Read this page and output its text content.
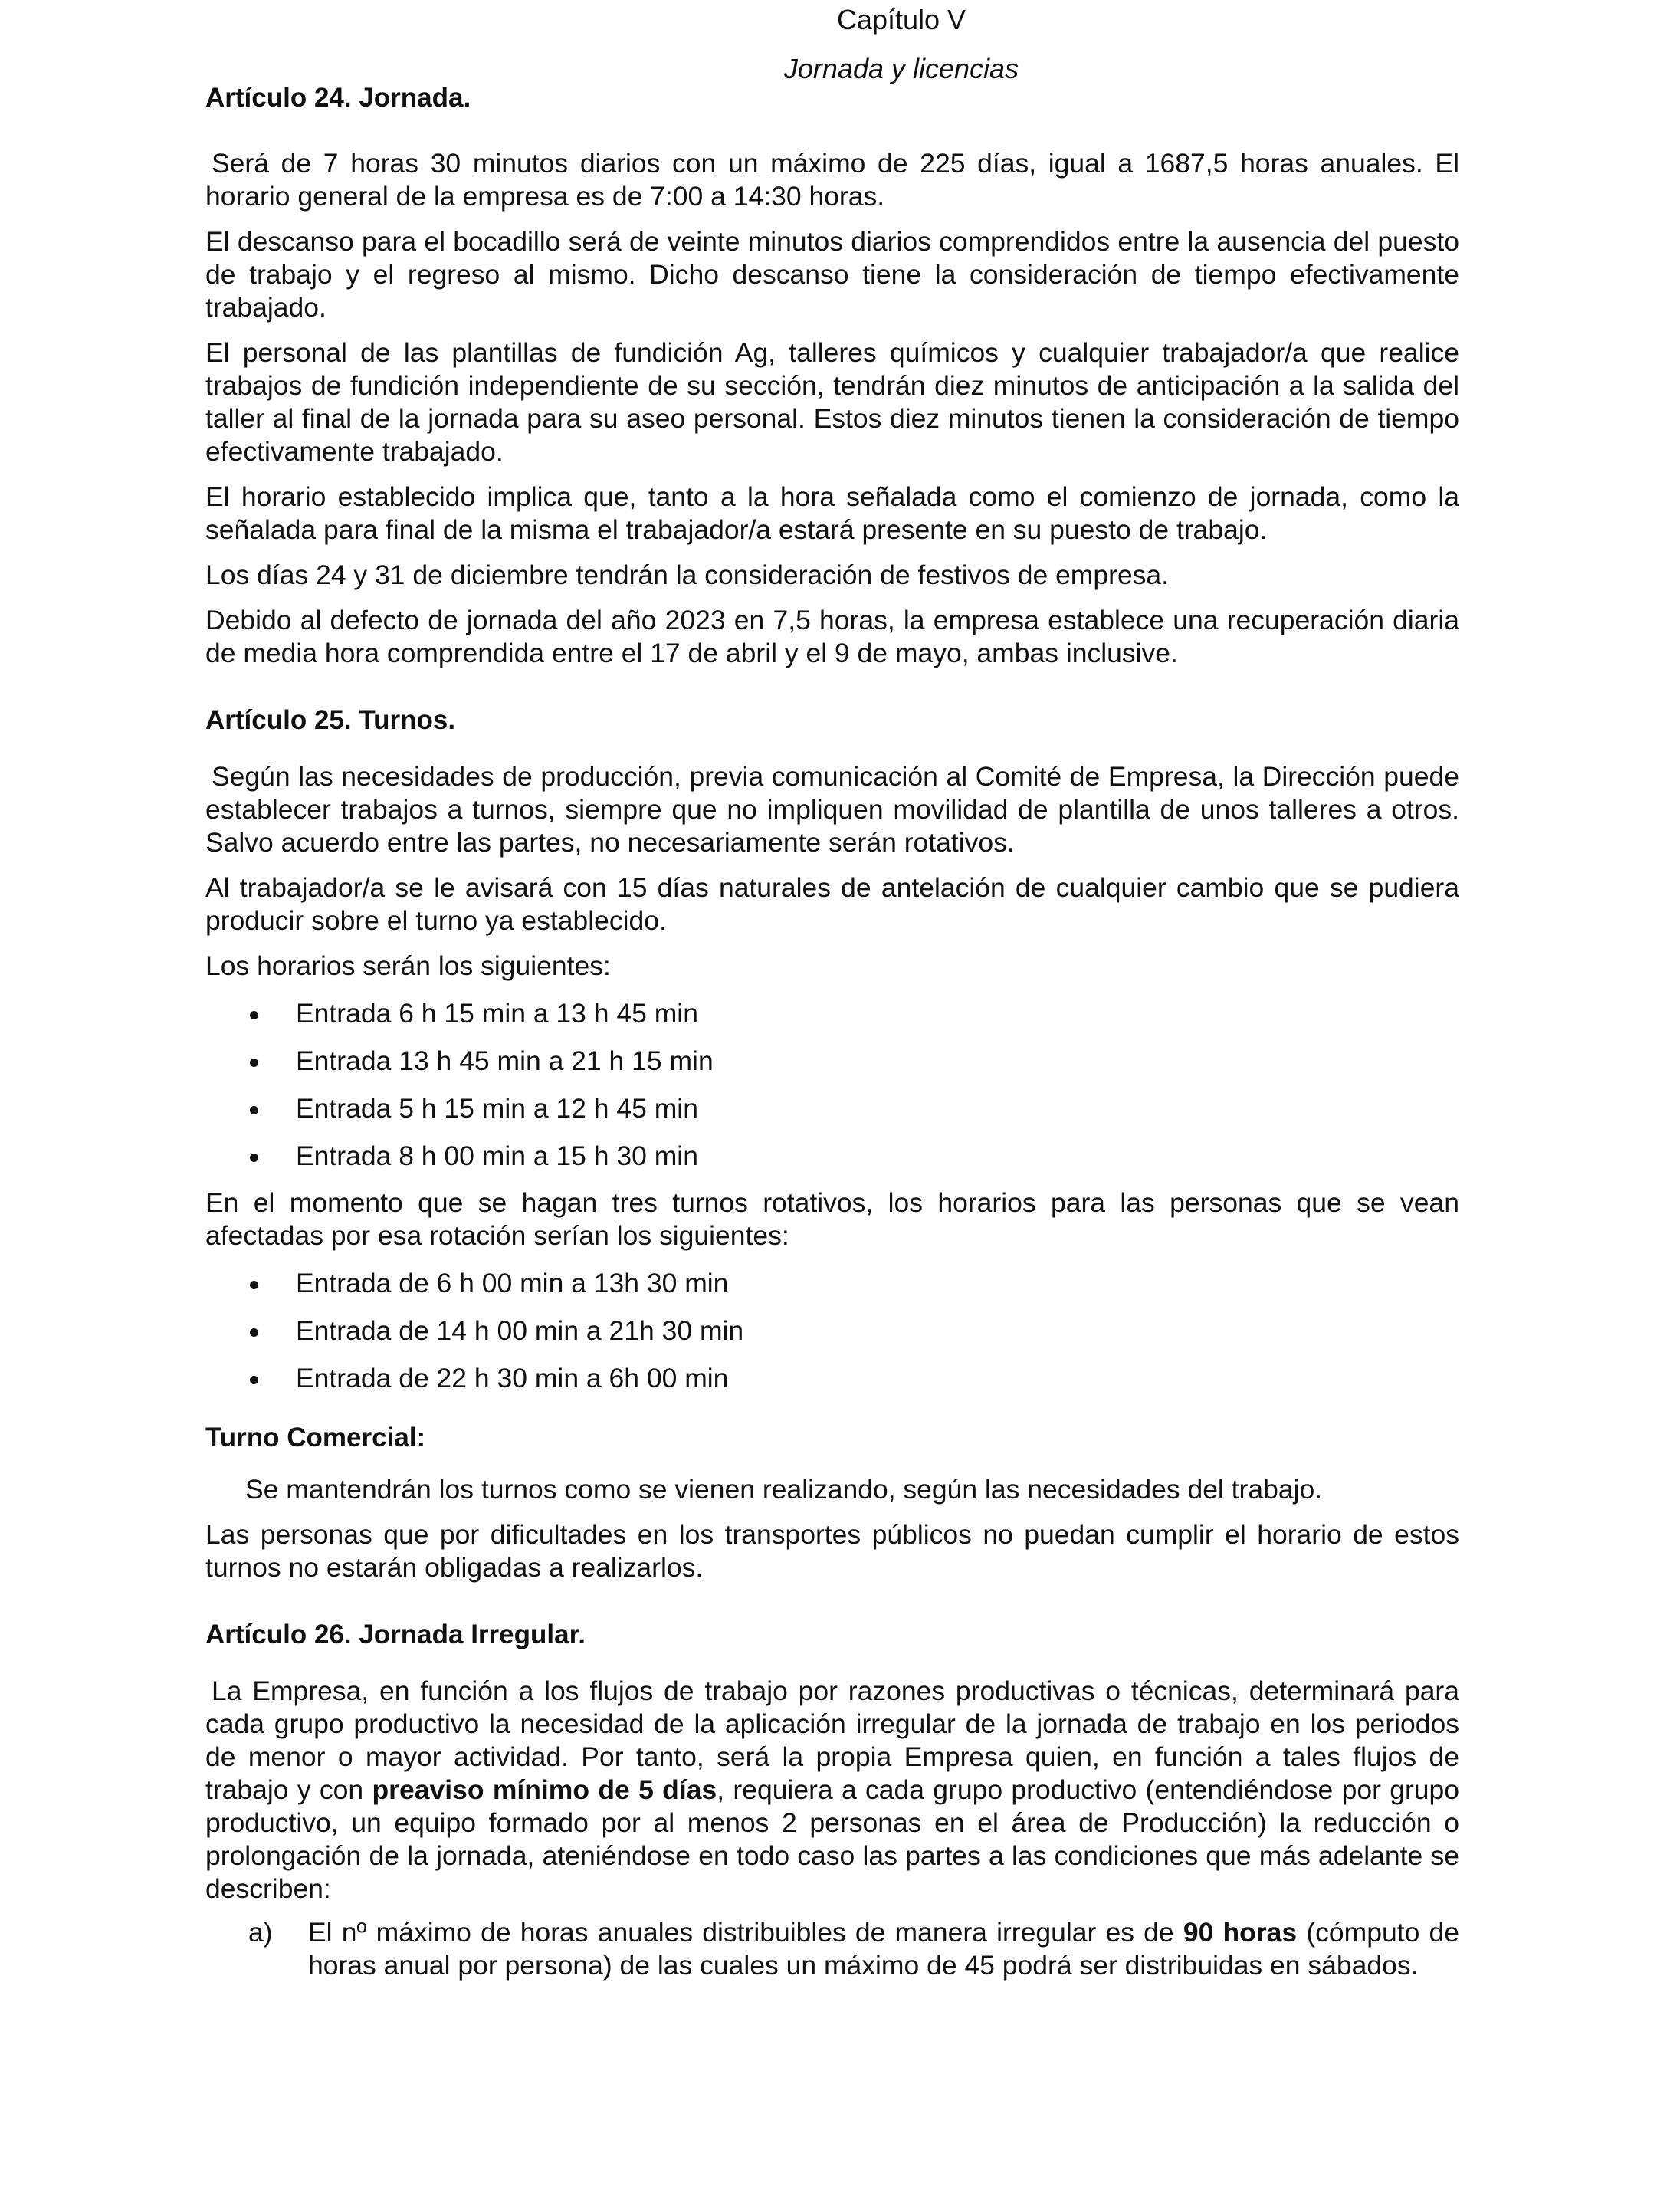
Capítulo V
Jornada y licencias
Artículo 24. Jornada.

Será de 7 horas 30 minutos diarios con un máximo de 225 días, igual a 1687,5 horas anuales. El horario general de la empresa es de 7:00 a 14:30 horas.

El descanso para el bocadillo será de veinte minutos diarios comprendidos entre la ausencia del puesto de trabajo y el regreso al mismo. Dicho descanso tiene la consideración de tiempo efectivamente trabajado.

El personal de las plantillas de fundición Ag, talleres químicos y cualquier trabajador/a que realice trabajos de fundición independiente de su sección, tendrán diez minutos de anticipación a la salida del taller al final de la jornada para su aseo personal. Estos diez minutos tienen la consideración de tiempo efectivamente trabajado.

El horario establecido implica que, tanto a la hora señalada como el comienzo de jornada, como la señalada para final de la misma el trabajador/a estará presente en su puesto de trabajo.

Los días 24 y 31 de diciembre tendrán la consideración de festivos de empresa.

Debido al defecto de jornada del año 2023 en 7,5 horas, la empresa establece una recuperación diaria de media hora comprendida entre el 17 de abril y el 9 de mayo, ambas inclusive.

Artículo 25. Turnos.

Según las necesidades de producción, previa comunicación al Comité de Empresa, la Dirección puede establecer trabajos a turnos, siempre que no impliquen movilidad de plantilla de unos talleres a otros. Salvo acuerdo entre las partes, no necesariamente serán rotativos.

Al trabajador/a se le avisará con 15 días naturales de antelación de cualquier cambio que se pudiera producir sobre el turno ya establecido.

Los horarios serán los siguientes:

Entrada 6 h 15 min a 13 h 45 min
Entrada 13 h 45 min a 21 h 15 min
Entrada 5 h 15 min a 12 h 45 min
Entrada 8 h 00 min a 15 h 30 min

En el momento que se hagan tres turnos rotativos, los horarios para las personas que se vean afectadas por esa rotación serían los siguientes:

Entrada de 6 h 00 min a 13h 30 min
Entrada de 14 h 00 min a 21h 30 min
Entrada de 22 h 30 min a 6h 00 min
Turno Comercial:

Se mantendrán los turnos como se vienen realizando, según las necesidades del trabajo.

Las personas que por dificultades en los transportes públicos no puedan cumplir el horario de estos turnos no estarán obligadas a realizarlos.

Artículo 26. Jornada Irregular.

La Empresa, en función a los flujos de trabajo por razones productivas o técnicas, determinará para cada grupo productivo la necesidad de la aplicación irregular de la jornada de trabajo en los periodos de menor o mayor actividad. Por tanto, será la propia Empresa quien, en función a tales flujos de trabajo y con preaviso mínimo de 5 días, requiera a cada grupo productivo (entendiéndose por grupo productivo, un equipo formado por al menos 2 personas en el área de Producción) la reducción o prolongación de la jornada, ateniéndose en todo caso las partes a las condiciones que más adelante se describen:

a) El nº máximo de horas anuales distribuibles de manera irregular es de 90 horas (cómputo de horas anual por persona) de las cuales un máximo de 45 podrá ser distribuidas en sábados.
